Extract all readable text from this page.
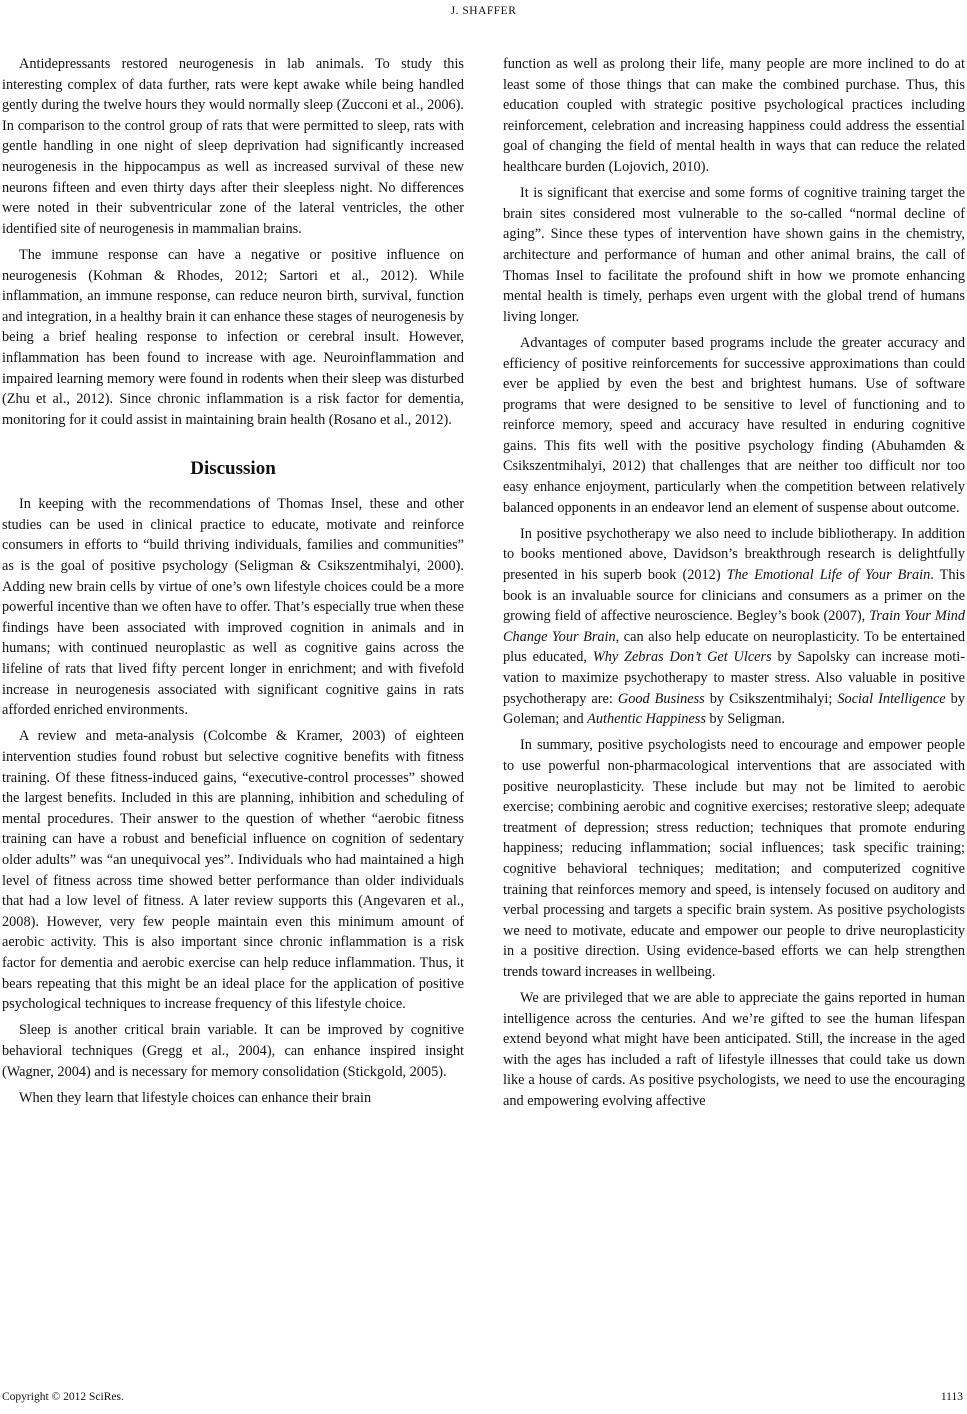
J. SHAFFER

Antidepressants restored neurogenesis in lab animals. To study this interesting complex of data further, rats were kept awake while being handled gently during the twelve hours they would normally sleep (Zucconi et al., 2006). In comparison to the control group of rats that were permitted to sleep, rats with gentle handling in one night of sleep deprivation had significantly increased neurogenesis in the hippocampus as well as increased survival of these new neurons fifteen and even thirty days after their sleepless night. No differences were noted in their subventricular zone of the lateral ventricles, the other identified site of neurogenesis in mammalian brains.

The immune response can have a negative or positive influence on neurogenesis (Kohman & Rhodes, 2012; Sartori et al., 2012). While inflammation, an immune response, can reduce neuron birth, survival, function and integration, in a healthy brain it can enhance these stages of neurogenesis by being a brief healing response to infection or cerebral insult. However, inflammation has been found to increase with age. Neuroinflammation and impaired learning memory were found in rodents when their sleep was disturbed (Zhu et al., 2012). Since chronic inflammation is a risk factor for dementia, monitoring for it could assist in maintaining brain health (Rosano et al., 2012).

Discussion

In keeping with the recommendations of Thomas Insel, these and other studies can be used in clinical practice to educate, motivate and reinforce consumers in efforts to “build thriving individuals, families and communities” as is the goal of positive psychology (Seligman & Csikszentmihalyi, 2000). Adding new brain cells by virtue of one’s own lifestyle choices could be a more powerful incentive than we often have to offer. That’s especially true when these findings have been associated with improved cognition in animals and in humans; with continued neuroplastic as well as cognitive gains across the lifeline of rats that lived fifty percent longer in enrichment; and with fivefold increase in neurogenesis associated with significant cognitive gains in rats afforded enriched environments.

A review and meta-analysis (Colcombe & Kramer, 2003) of eighteen intervention studies found robust but selective cognitive benefits with fitness training. Of these fitness-induced gains, “executive-control processes” showed the largest benefits. Included in this are planning, inhibition and scheduling of mental procedures. Their answer to the question of whether “aerobic fitness training can have a robust and beneficial influence on cognition of sedentary older adults” was “an unequivocal yes”. Individuals who had maintained a high level of fitness across time showed better performance than older individuals that had a low level of fitness. A later review supports this (Angevaren et al., 2008). However, very few people maintain even this minimum amount of aerobic activity. This is also important since chronic inflammation is a risk factor for dementia and aerobic exercise can help reduce inflammation. Thus, it bears repeating that this might be an ideal place for the application of positive psychological techniques to increase frequency of this lifestyle choice.

Sleep is another critical brain variable. It can be improved by cognitive behavioral techniques (Gregg et al., 2004), can enhance inspired insight (Wagner, 2004) and is necessary for memory consolidation (Stickgold, 2005).

When they learn that lifestyle choices can enhance their brain

function as well as prolong their life, many people are more inclined to do at least some of those things that can make the combined purchase. Thus, this education coupled with strategic positive psychological practices including reinforcement, celebration and increasing happiness could address the essential goal of changing the field of mental health in ways that can reduce the related healthcare burden (Lojovich, 2010).

It is significant that exercise and some forms of cognitive training target the brain sites considered most vulnerable to the so-called “normal decline of aging”. Since these types of intervention have shown gains in the chemistry, architecture and performance of human and other animal brains, the call of Thomas Insel to facilitate the profound shift in how we promote enhancing mental health is timely, perhaps even urgent with the global trend of humans living longer.

Advantages of computer based programs include the greater accuracy and efficiency of positive reinforcements for successive approximations than could ever be applied by even the best and brightest humans. Use of software programs that were designed to be sensitive to level of functioning and to reinforce memory, speed and accuracy have resulted in enduring cognitive gains. This fits well with the positive psychology finding (Abuhamden & Csikszentmihalyi, 2012) that challenges that are neither too difficult nor too easy enhance enjoyment, particularly when the competition between relatively balanced opponents in an endeavor lend an element of suspense about outcome.

In positive psychotherapy we also need to include bibliotherapy. In addition to books mentioned above, Davidson’s breakthrough research is delightfully presented in his superb book (2012) The Emotional Life of Your Brain. This book is an invaluable source for clinicians and consumers as a primer on the growing field of affective neuroscience. Begley’s book (2007), Train Your Mind Change Your Brain, can also help educate on neuroplasticity. To be entertained plus educated, Why Zebras Don’t Get Ulcers by Sapolsky can increase motivation to maximize psychotherapy to master stress. Also valuable in positive psychotherapy are: Good Business by Csikszentmihalyi; Social Intelligence by Goleman; and Authentic Happiness by Seligman.

In summary, positive psychologists need to encourage and empower people to use powerful non-pharmacological interventions that are associated with positive neuroplasticity. These include but may not be limited to aerobic exercise; combining aerobic and cognitive exercises; restorative sleep; adequate treatment of depression; stress reduction; techniques that promote enduring happiness; reducing inflammation; social influences; task specific training; cognitive behavioral techniques; meditation; and computerized cognitive training that reinforces memory and speed, is intensely focused on auditory and verbal processing and targets a specific brain system. As positive psychologists we need to motivate, educate and empower our people to drive neuroplasticity in a positive direction. Using evidence-based efforts we can help strengthen trends toward increases in wellbeing.

We are privileged that we are able to appreciate the gains reported in human intelligence across the centuries. And we’re gifted to see the human lifespan extend beyond what might have been anticipated. Still, the increase in the aged with the ages has included a raft of lifestyle illnesses that could take us down like a house of cards. As positive psychologists, we need to use the encouraging and empowering evolving affective

Copyright © 2012 SciRes.	1113
